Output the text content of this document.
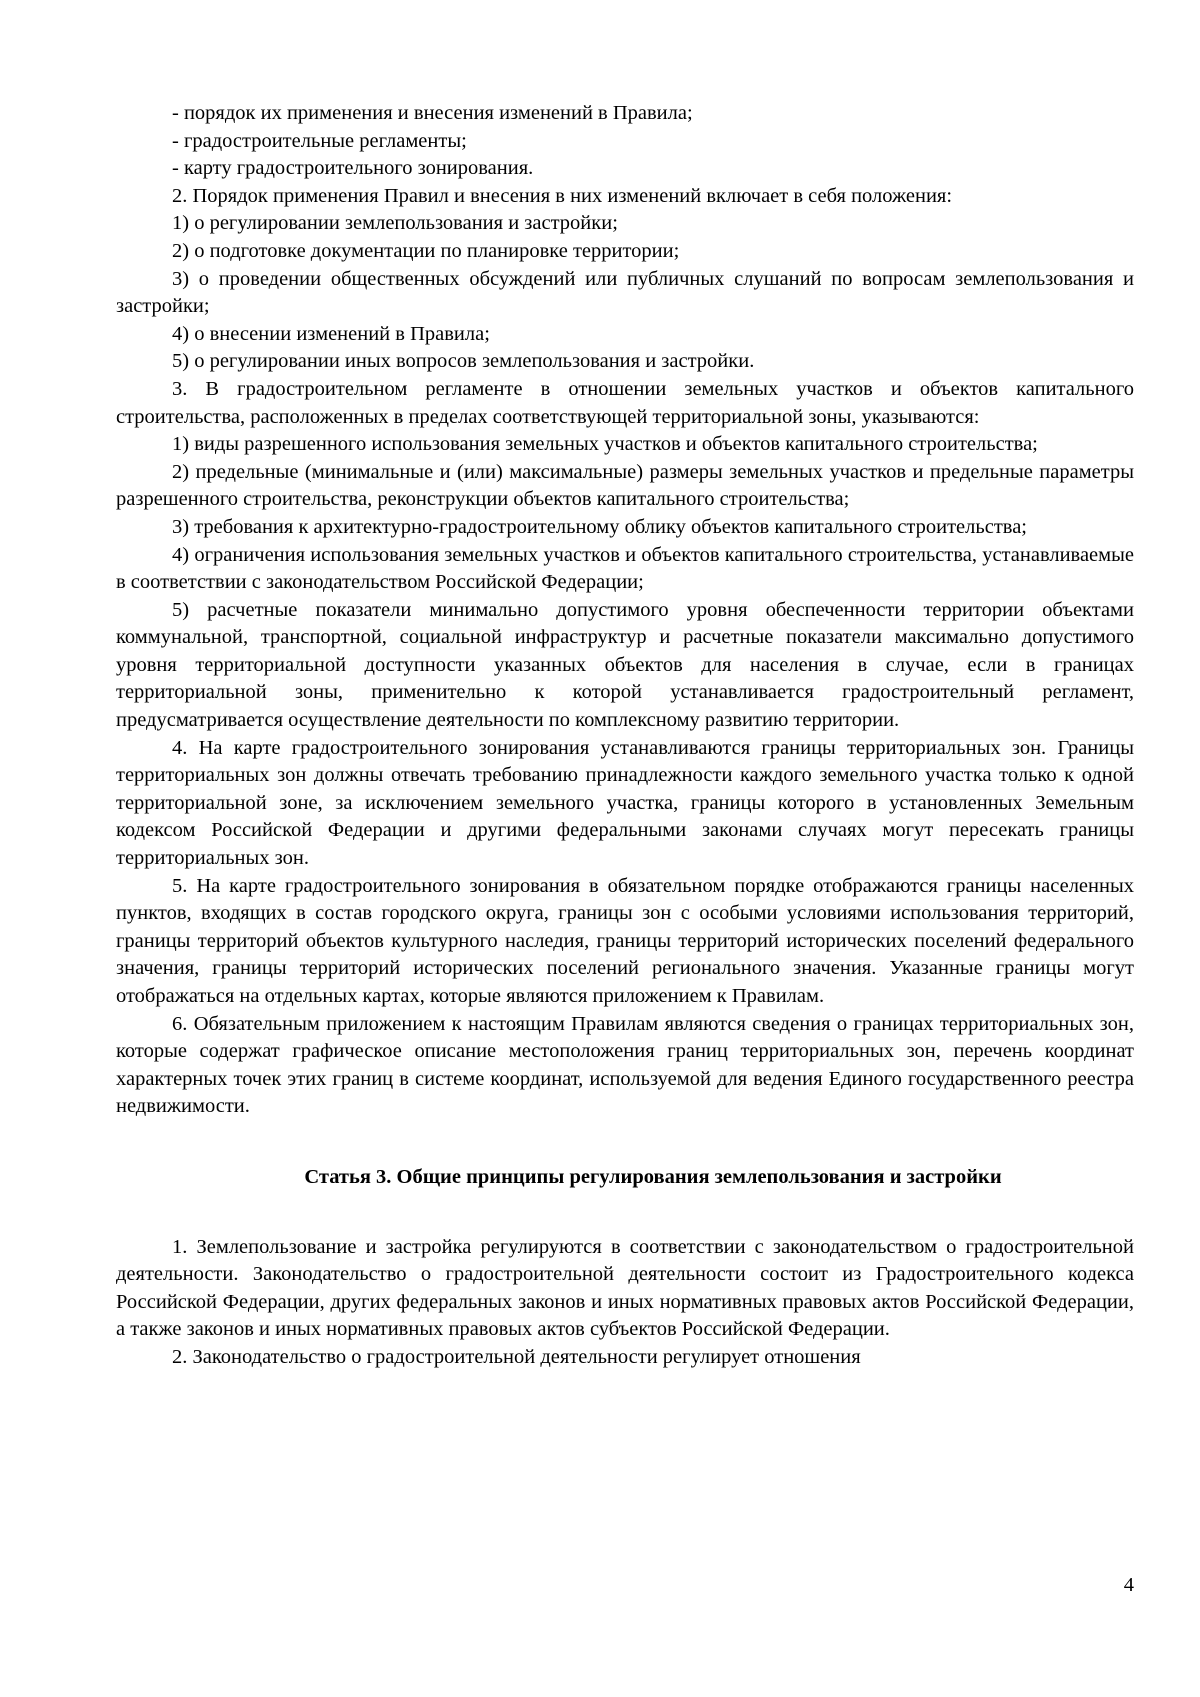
- порядок их применения и внесения изменений в Правила;

- градостроительные регламенты;

- карту градостроительного зонирования.

2. Порядок применения Правил и внесения в них изменений включает в себя положения:

1) о регулировании землепользования и застройки;

2) о подготовке документации по планировке территории;

3) о проведении общественных обсуждений или публичных слушаний по вопросам землепользования и застройки;

4) о внесении изменений в Правила;

5) о регулировании иных вопросов землепользования и застройки.

3. В градостроительном регламенте в отношении земельных участков и объектов капитального строительства, расположенных в пределах соответствующей территориальной зоны, указываются:

1) виды разрешенного использования земельных участков и объектов капитального строительства;

2) предельные (минимальные и (или) максимальные) размеры земельных участков и предельные параметры разрешенного строительства, реконструкции объектов капитального строительства;

3) требования к архитектурно-градостроительному облику объектов капитального строительства;

4) ограничения использования земельных участков и объектов капитального строительства, устанавливаемые в соответствии с законодательством Российской Федерации;

5) расчетные показатели минимально допустимого уровня обеспеченности территории объектами коммунальной, транспортной, социальной инфраструктур и расчетные показатели максимально допустимого уровня территориальной доступности указанных объектов для населения в случае, если в границах территориальной зоны, применительно к которой устанавливается градостроительный регламент, предусматривается осуществление деятельности по комплексному развитию территории.

4. На карте градостроительного зонирования устанавливаются границы территориальных зон. Границы территориальных зон должны отвечать требованию принадлежности каждого земельного участка только к одной территориальной зоне, за исключением земельного участка, границы которого в установленных Земельным кодексом Российской Федерации и другими федеральными законами случаях могут пересекать границы территориальных зон.

5. На карте градостроительного зонирования в обязательном порядке отображаются границы населенных пунктов, входящих в состав городского округа, границы зон с особыми условиями использования территорий, границы территорий объектов культурного наследия, границы территорий исторических поселений федерального значения, границы территорий исторических поселений регионального значения. Указанные границы могут отображаться на отдельных картах, которые являются приложением к Правилам.

6. Обязательным приложением к настоящим Правилам являются сведения о границах территориальных зон, которые содержат графическое описание местоположения границ территориальных зон, перечень координат характерных точек этих границ в системе координат, используемой для ведения Единого государственного реестра недвижимости.

Статья 3. Общие принципы регулирования землепользования и застройки

1. Землепользование и застройка регулируются в соответствии с законодательством о градостроительной деятельности. Законодательство о градостроительной деятельности состоит из Градостроительного кодекса Российской Федерации, других федеральных законов и иных нормативных правовых актов Российской Федерации, а также законов и иных нормативных правовых актов субъектов Российской Федерации.

2. Законодательство о градостроительной деятельности регулирует отношения

4
